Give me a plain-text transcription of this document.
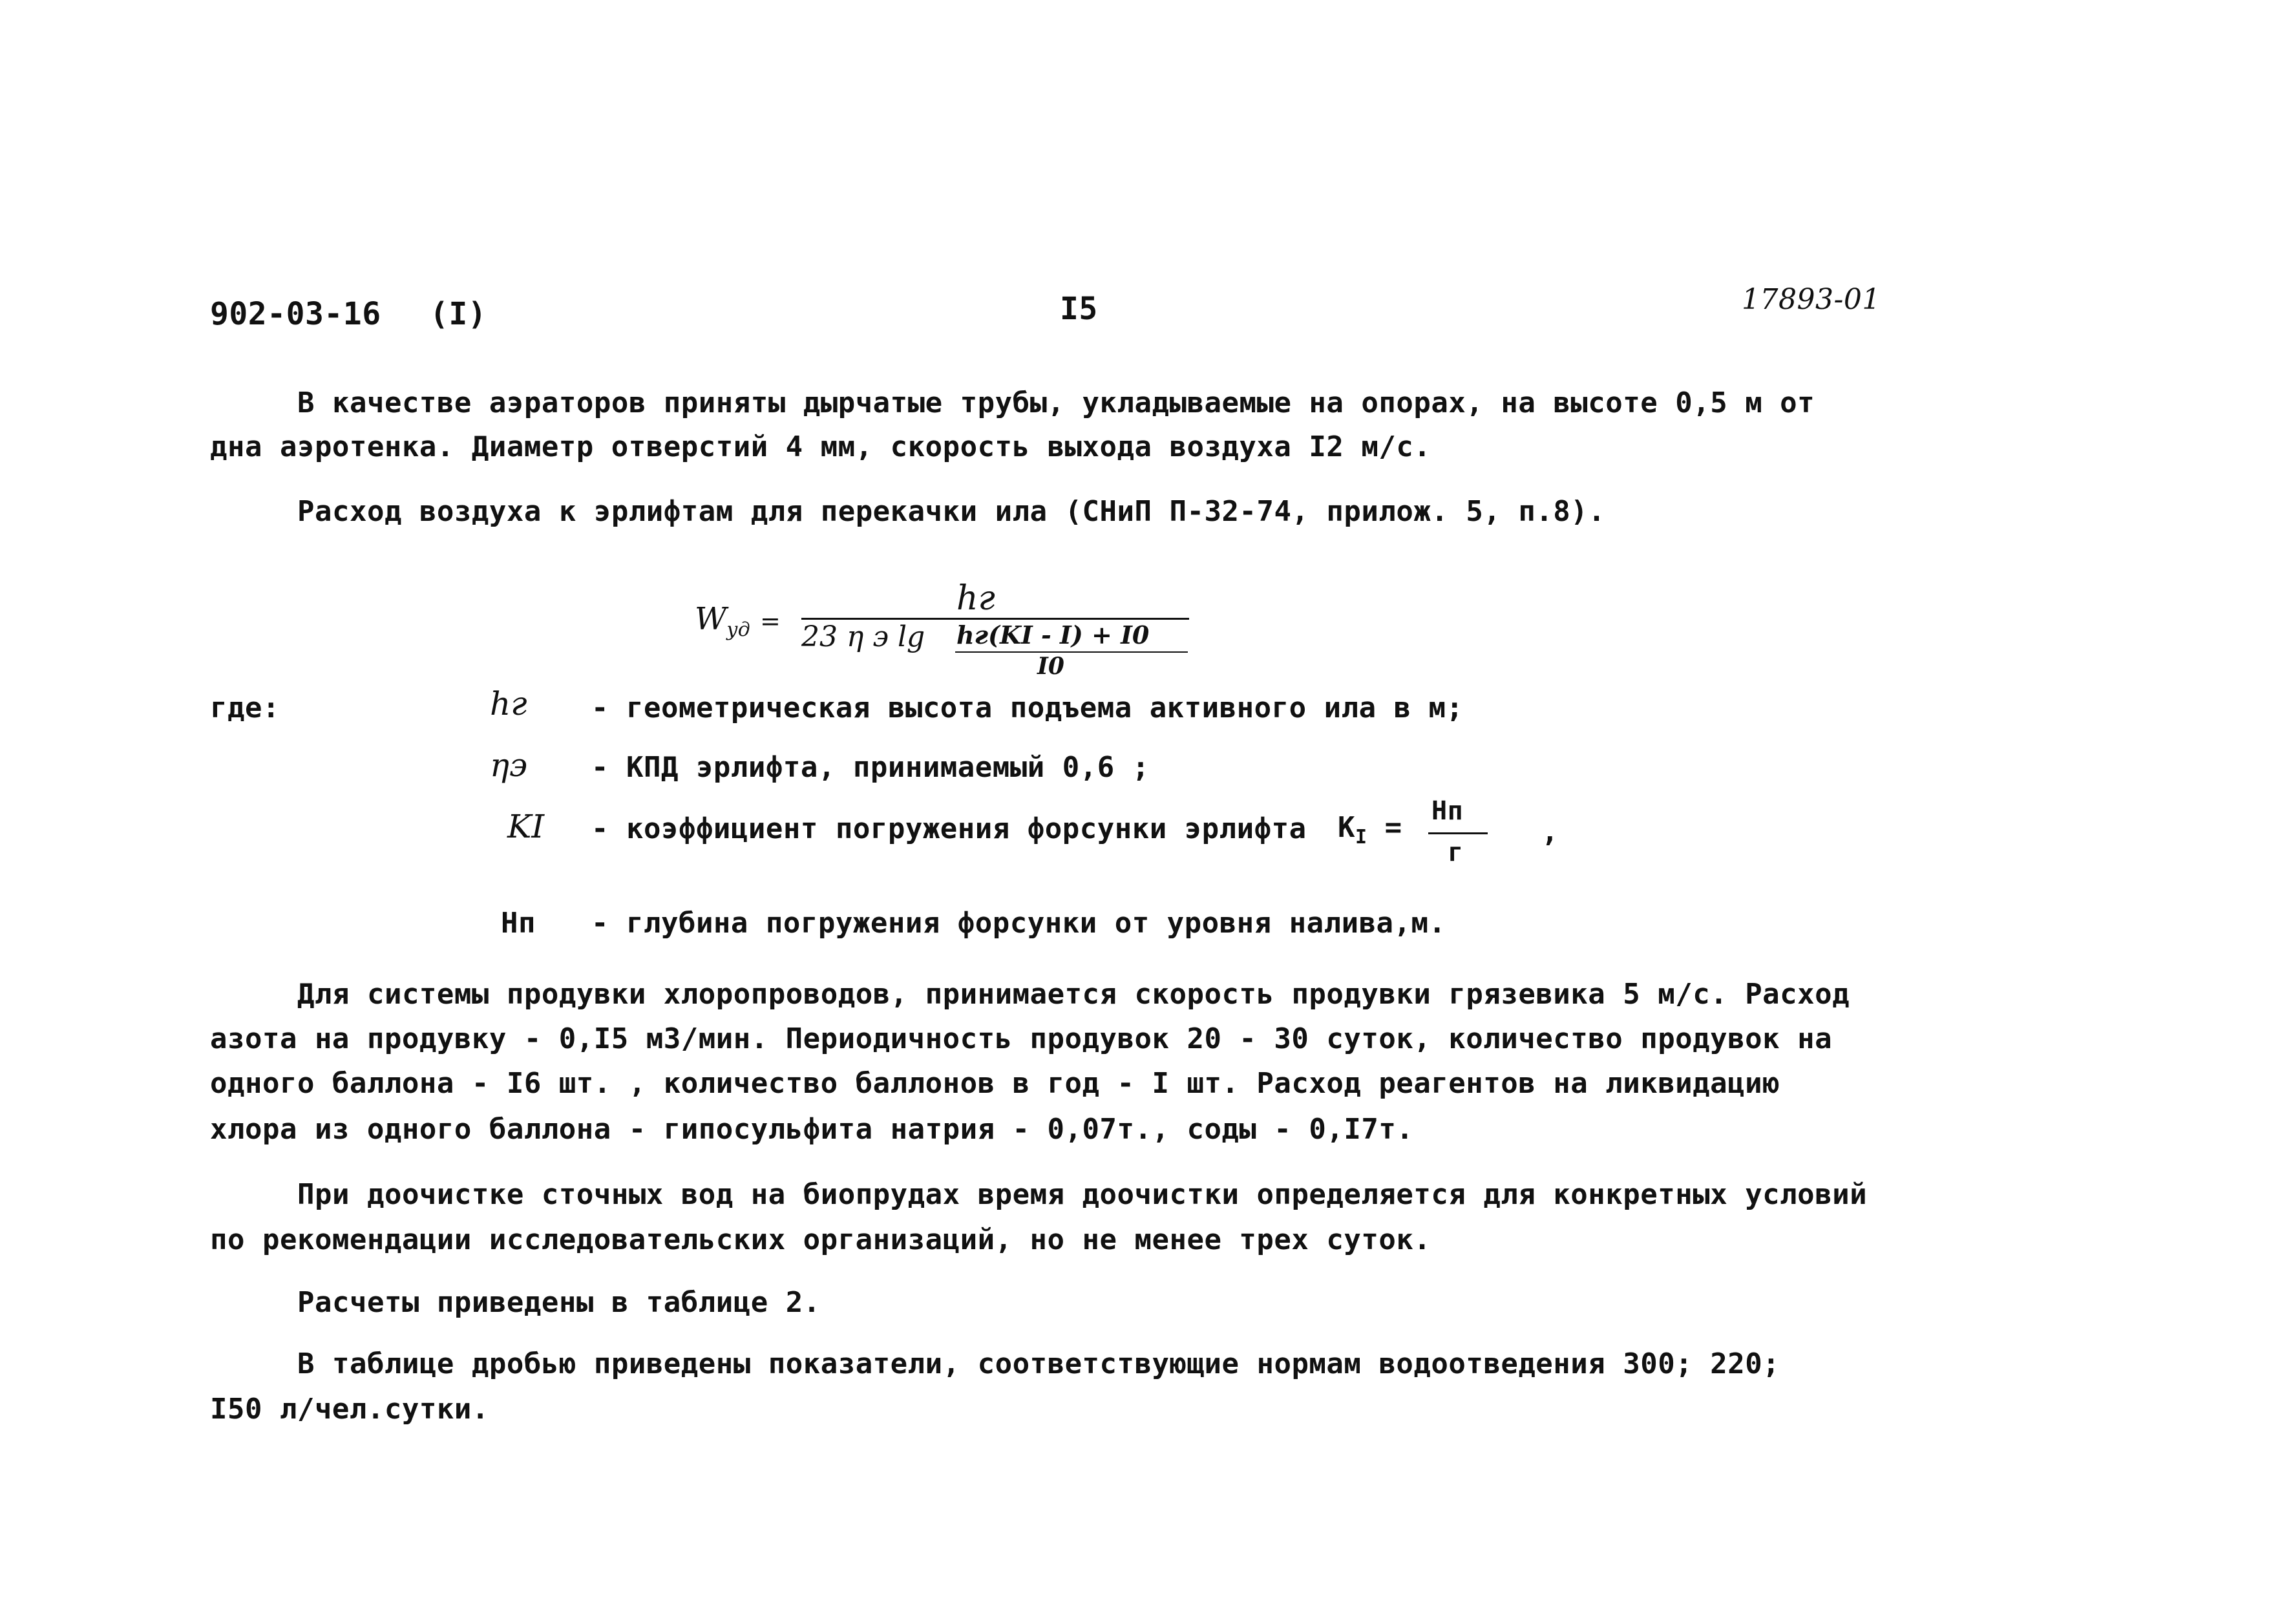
902-03-16 (I)	I5	17893-01
В качестве аэраторов приняты дырчатые трубы, укладываемые на опорах, на высоте 0,5 м от
дна аэротенка. Диаметр отверстий 4 мм, скорость выхода воздуха I2 м/с.
Расход воздуха к эрлифтам для перекачки ила (СНиП П-32-74, прилож. 5, п.8).
$W_{уд}$ =
hг
23 η э lg hг(KI - I) + I0
I0
где:	hг - геометрическая высота подъема активного ила в м;
ηэ - КПД эрлифта, принимаемый 0,6 ;
KI - коэффициент погружения форсунки эрлифта $K_I$ = Нп
г
,
Нп - глубина погружения форсунки от уровня налива,м.
Для системы продувки хлоропроводов, принимается скорость продувки грязевика 5 м/с. Расход
азота на продувку - 0,I5 м3/мин. Периодичность продувок 20 - 30 суток, количество продувок на
одного баллона - I6 шт. , количество баллонов в год - I шт. Расход реагентов на ликвидацию
хлора из одного баллона - гипосульфита натрия - 0,07т., соды - 0,I7т.
При доочистке сточных вод на биопрудах время доочистки определяется для конкретных условий
по рекомендации исследовательских организаций, но не менее трех суток.
Расчеты приведены в таблице 2.
В таблице дробью приведены показатели, соответствующие нормам водоотведения 300; 220;
I50 л/чел.сутки.
